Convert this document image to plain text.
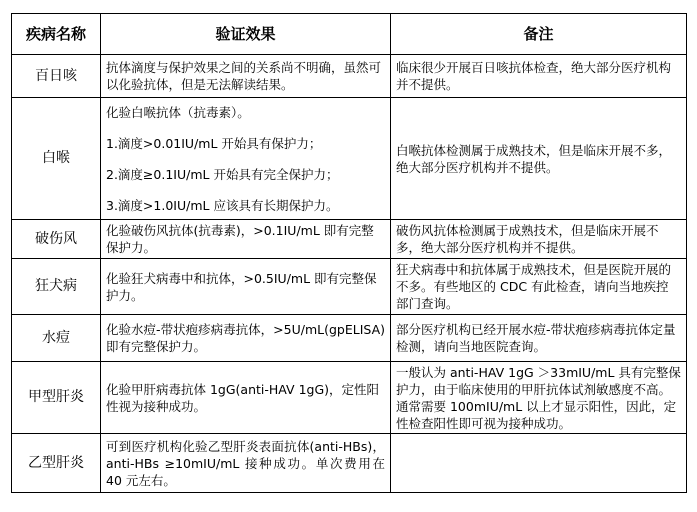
疾病名称	验证效果	备注
百日咳	抗体滴度与保护效果之间的关系尚不明确，虽然可以化验抗体，但是无法解读结果。	临床很少开展百日咳抗体检查，绝大部分医疗机构并不提供。
白喉	化验白喉抗体（抗毒素）。
1.滴度>0.01IU/mL 开始具有保护力；
2.滴度≥0.1IU/mL 开始具有完全保护力；
3.滴度>1.0IU/mL 应该具有长期保护力。	白喉抗体检测属于成熟技术，但是临床开展不多，绝大部分医疗机构并不提供。
破伤风	化验破伤风抗体(抗毒素)，>0.1IU/mL 即有完整保护力。	破伤风抗体检测属于成熟技术，但是临床开展不多，绝大部分医疗机构并不提供。
狂犬病	化验狂犬病毒中和抗体，>0.5IU/mL 即有完整保护力。	狂犬病毒中和抗体属于成熟技术，但是医院开展的不多。有些地区的 CDC 有此检查，请向当地疾控部门查询。
水痘	化验水痘-带状疱疹病毒抗体，>5U/mL(gpELISA)即有完整保护力。	部分医疗机构已经开展水痘-带状疱疹病毒抗体定量检测，请向当地医院查询。
甲型肝炎	化验甲肝病毒抗体 1gG(anti-HAV 1gG)，定性阳性视为接种成功。	一般认为 anti-HAV 1gG ＞33mIU/mL 具有完整保护力，由于临床使用的甲肝抗体试剂敏感度不高。通常需要 100mIU/mL 以上才显示阳性，因此，定性检查阳性即可视为接种成功。
乙型肝炎	可到医疗机构化验乙型肝炎表面抗体(anti-HBs)，anti-HBs ≥10mIU/mL 接种成功。单次费用在 40 元左右。	
